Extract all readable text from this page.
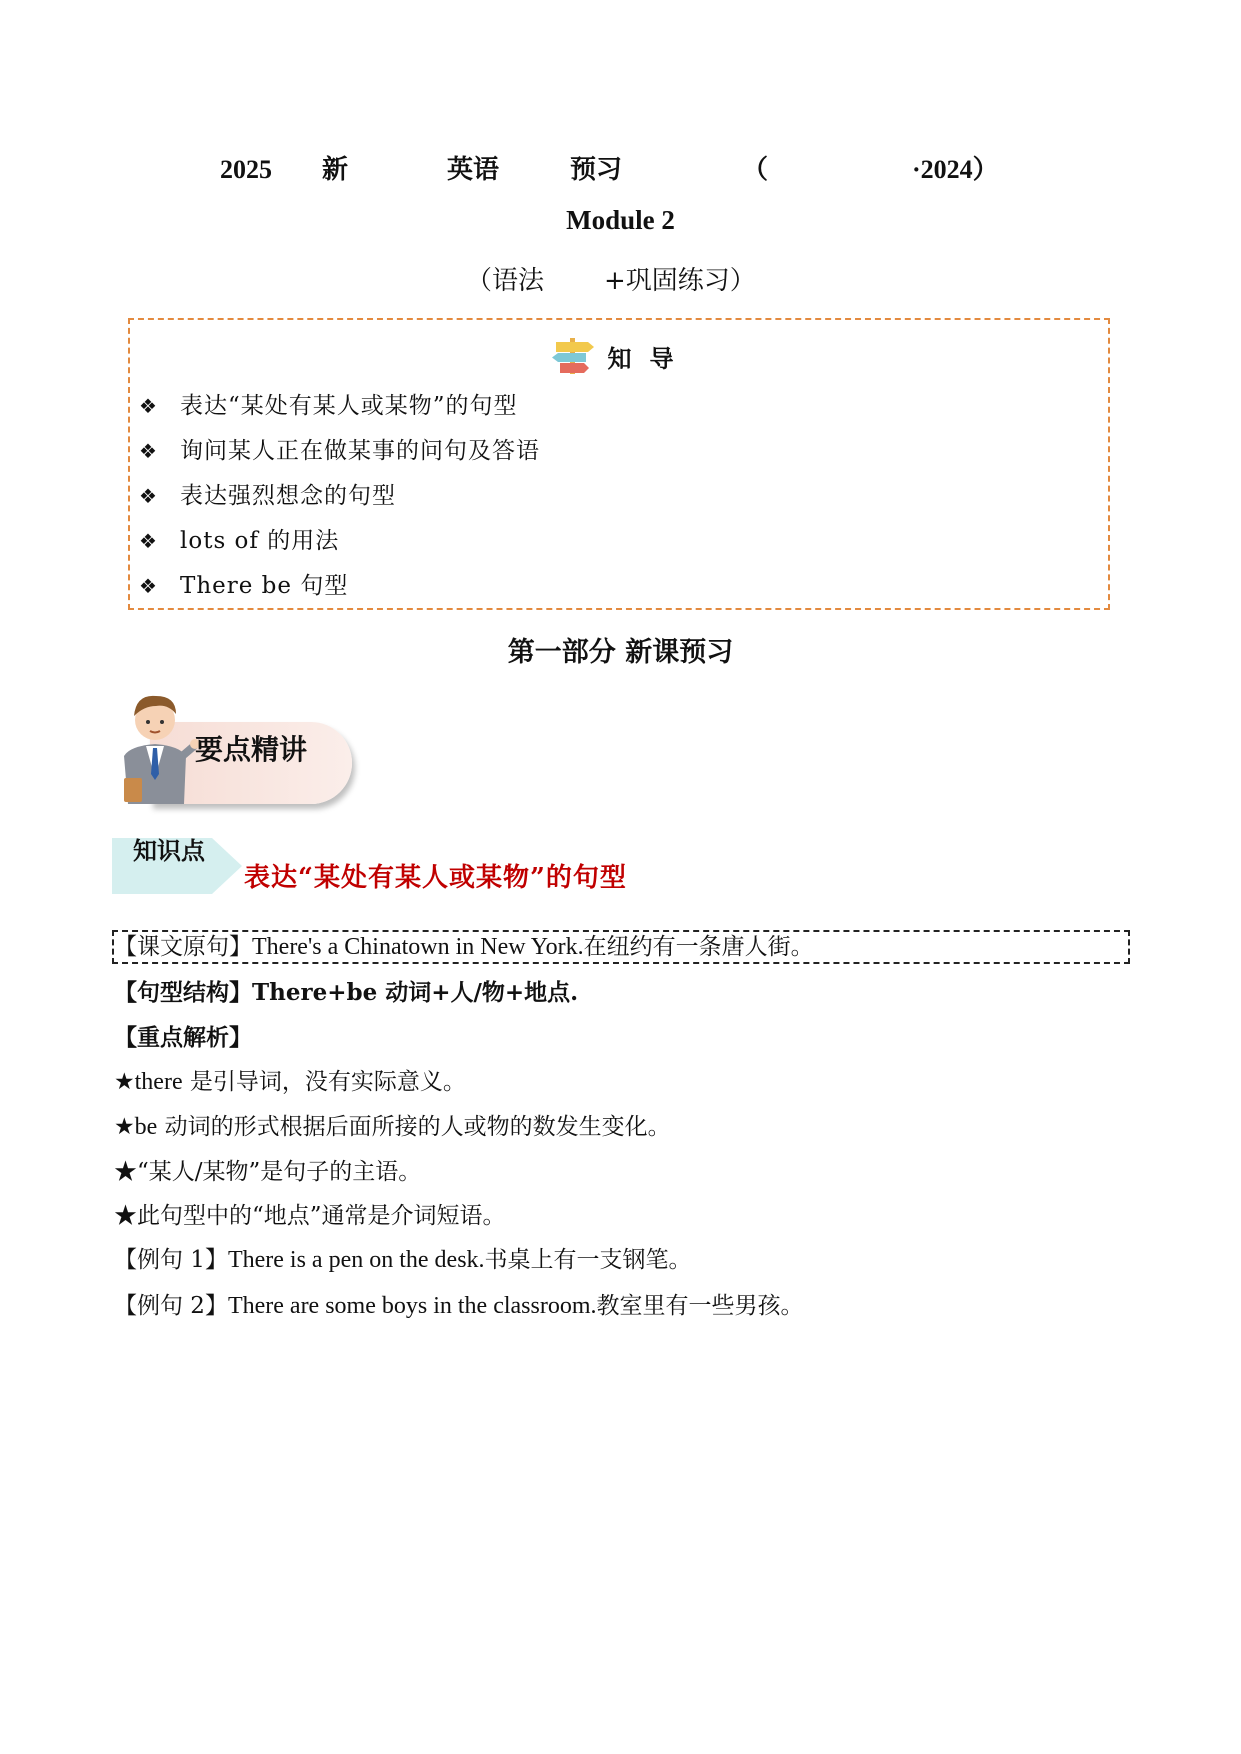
2025 新	英语	预习	（	·2024）
Module 2
（语法 +巩固练习）
知导
❖ 表达“某处有某人或某物”的句型
❖ 询问某人正在做某事的问句及答语
❖ 表达强烈想念的句型
❖ lots of 的用法
❖ There be 句型
第一部分 新课预习
要点精讲
知识点
表达“某处有某人或某物”的句型
【课文原句】There's a Chinatown in New York.在纽约有一条唐人街。
【句型结构】There+be 动词+人/物+地点.
【重点解析】
★there 是引导词，没有实际意义。
★be 动词的形式根据后面所接的人或物的数发生变化。
★“某人/某物”是句子的主语。
★此句型中的“地点”通常是介词短语。
【例句 1】There is a pen on the desk.书桌上有一支钢笔。
【例句 2】There are some boys in the classroom.教室里有一些男孩。
